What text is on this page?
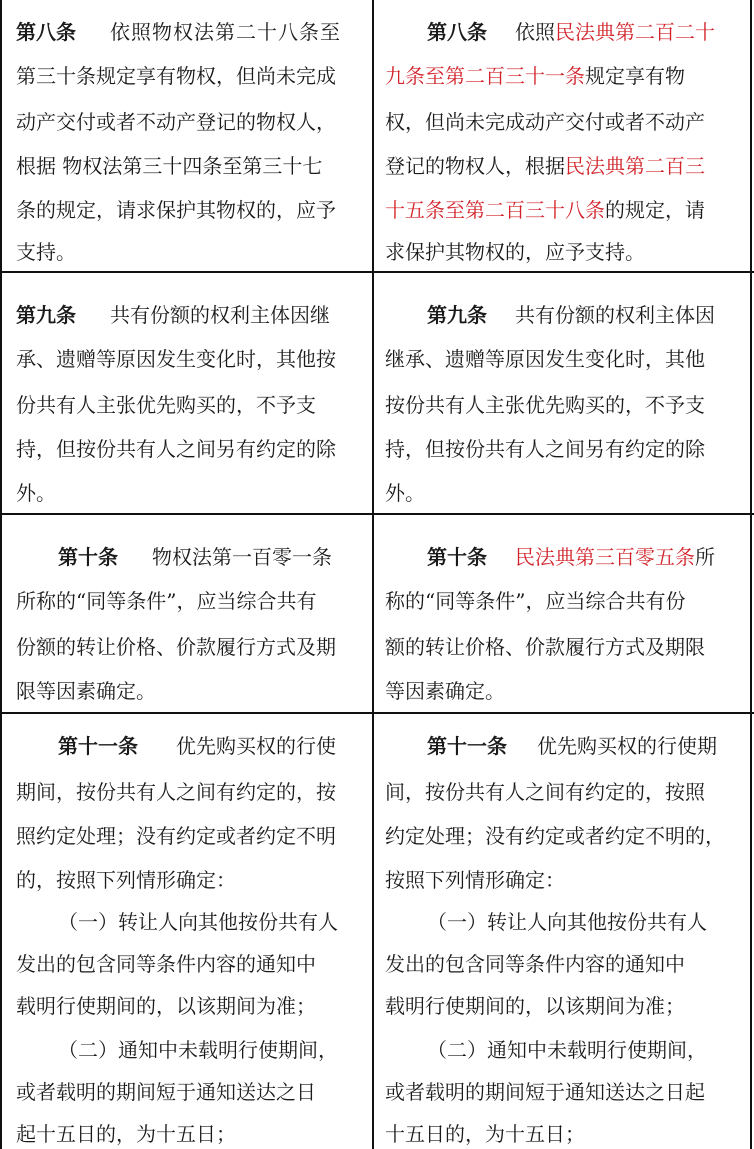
第八条 依照物权法第二十八条至
第三十条规定享有物权，但尚未完成
动产交付或者不动产登记的物权人，
根据 物权法第三十四条至第三十七
条的规定，请求保护其物权的，应予
支持。
第八条 依照民法典第二百二十
九条至第二百三十一条规定享有物
权，但尚未完成动产交付或者不动产
登记的物权人，根据民法典第二百三
十五条至第二百三十八条的规定，请
求保护其物权的，应予支持。
第九条 共有份额的权利主体因继
承、遗赠等原因发生变化时，其他按
份共有人主张优先购买的，不予支
持，但按份共有人之间另有约定的除
外。
第九条 共有份额的权利主体因
继承、遗赠等原因发生变化时，其他
按份共有人主张优先购买的，不予支
持，但按份共有人之间另有约定的除
外。
第十条 物权法第一百零一条
所称的“同等条件”，应当综合共有
份额的转让价格、价款履行方式及期
限等因素确定。
第十条 民法典第三百零五条所
称的“同等条件”，应当综合共有份
额的转让价格、价款履行方式及期限
等因素确定。
第十一条 优先购买权的行使
期间，按份共有人之间有约定的，按
照约定处理；没有约定或者约定不明
的，按照下列情形确定：
（一）转让人向其他按份共有人
发出的包含同等条件内容的通知中
载明行使期间的，以该期间为准；
（二）通知中未载明行使期间，
或者载明的期间短于通知送达之日
起十五日的，为十五日；
第十一条 优先购买权的行使期
间，按份共有人之间有约定的，按照
约定处理；没有约定或者约定不明的，
按照下列情形确定：
（一）转让人向其他按份共有人
发出的包含同等条件内容的通知中
载明行使期间的，以该期间为准；
（二）通知中未载明行使期间，
或者载明的期间短于通知送达之日起
十五日的，为十五日；
